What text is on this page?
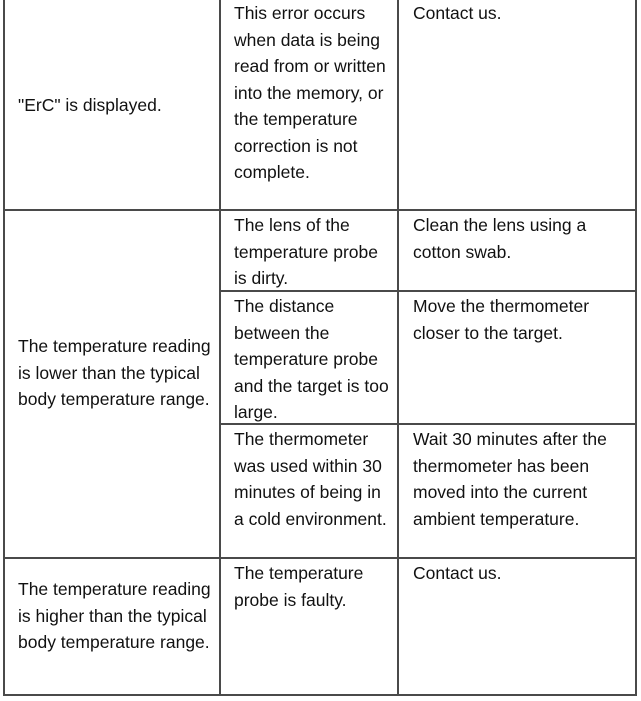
"ErC" is displayed.
This error occurs when data is being read from or written into the memory, or the temperature correction is not complete.
Contact us.
The temperature reading is lower than the typical body temperature range.
The lens of the temperature probe is dirty.
Clean the lens using a cotton swab.
The distance between the temperature probe and the target is too large.
Move the thermometer closer to the target.
The thermometer was used within 30 minutes of being in a cold environment.
Wait 30 minutes after the thermometer has been moved into the current ambient temperature.
The temperature reading is higher than the typical body temperature range.
The temperature probe is faulty.
Contact us.
